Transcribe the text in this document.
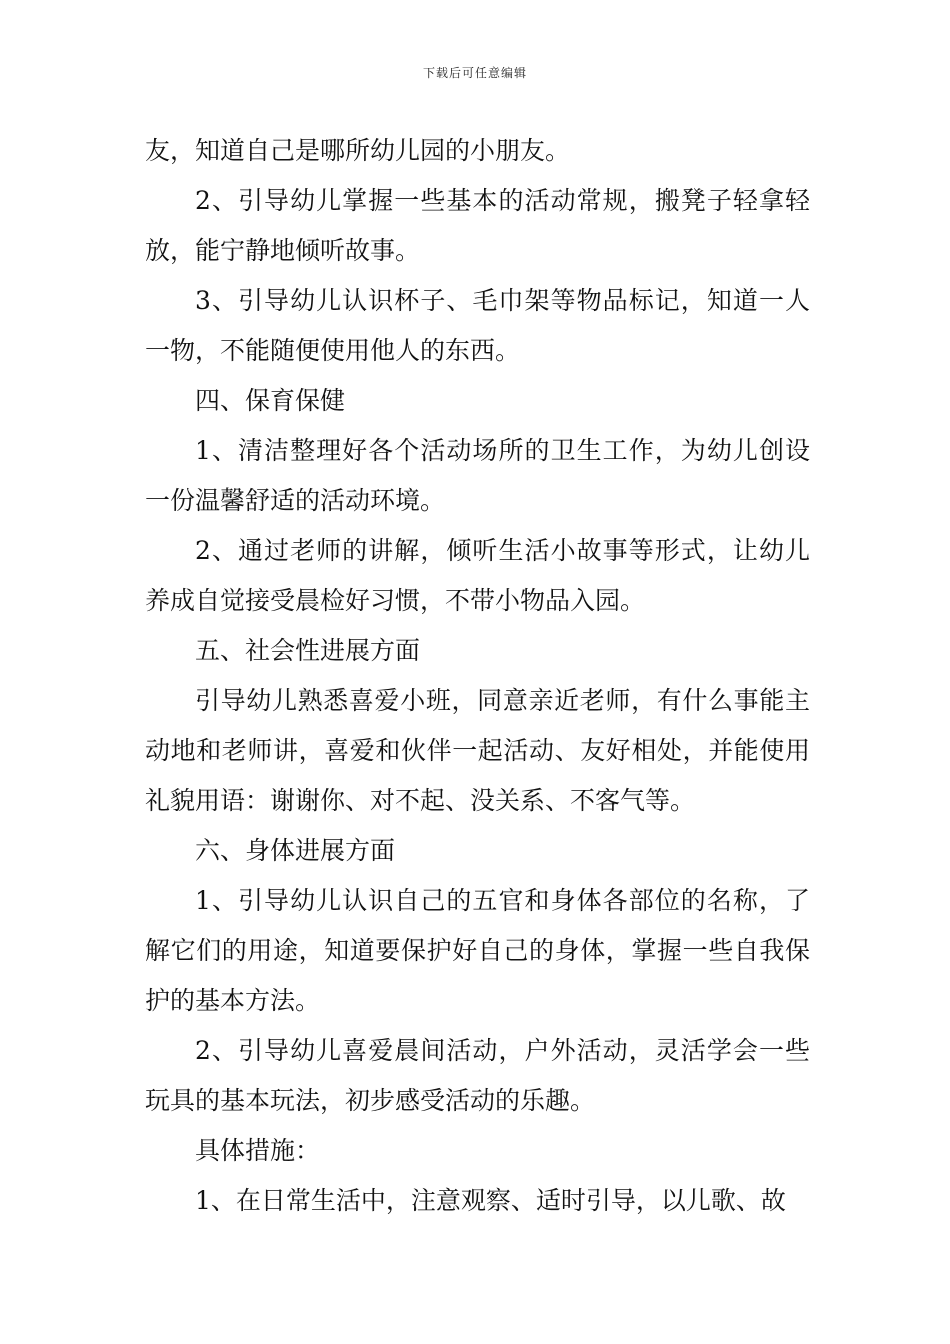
下载后可任意编辑

友，知道自己是哪所幼儿园的小朋友。

2、引导幼儿掌握一些基本的活动常规，搬凳子轻拿轻放，能宁静地倾听故事。

3、引导幼儿认识杯子、毛巾架等物品标记，知道一人一物，不能随便使用他人的东西。

四、保育保健

1、清洁整理好各个活动场所的卫生工作，为幼儿创设一份温馨舒适的活动环境。

2、通过老师的讲解，倾听生活小故事等形式，让幼儿养成自觉接受晨检好习惯，不带小物品入园。

五、社会性进展方面

引导幼儿熟悉喜爱小班，同意亲近老师，有什么事能主动地和老师讲，喜爱和伙伴一起活动、友好相处，并能使用礼貌用语：谢谢你、对不起、没关系、不客气等。

六、身体进展方面

1、引导幼儿认识自己的五官和身体各部位的名称，了解它们的用途，知道要保护好自己的身体，掌握一些自我保护的基本方法。

2、引导幼儿喜爱晨间活动，户外活动，灵活学会一些玩具的基本玩法，初步感受活动的乐趣。

具体措施：

1、在日常生活中，注意观察、适时引导，以儿歌、故
